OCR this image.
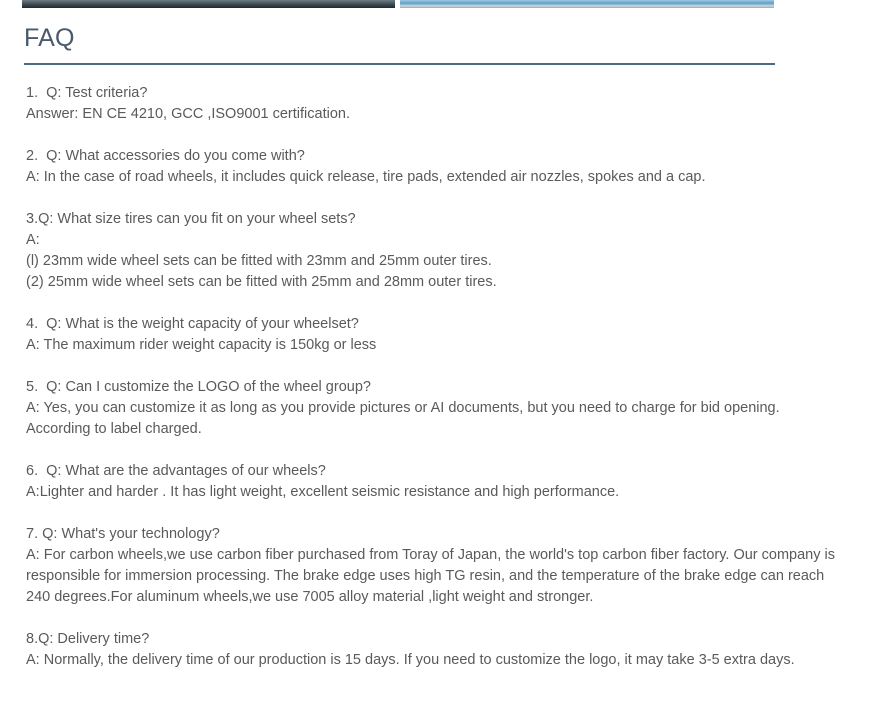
FAQ
1.  Q: Test criteria?
Answer: EN CE 4210, GCC ,ISO9001 certification.
2.  Q: What accessories do you come with?
A: In the case of road wheels, it includes quick release, tire pads, extended air nozzles, spokes and a cap.
3.Q: What size tires can you fit on your wheel sets?
A:
(l) 23mm wide wheel sets can be fitted with 23mm and 25mm outer tires.
(2) 25mm wide wheel sets can be fitted with 25mm and 28mm outer tires.
4.  Q: What is the weight capacity of your wheelset?
A: The maximum rider weight capacity is 150kg or less
5.  Q: Can I customize the LOGO of the wheel group?
A: Yes, you can customize it as long as you provide pictures or AI documents, but you need to charge for bid opening. According to label charged.
6.  Q: What are the advantages of our wheels?
A:Lighter and harder . It has light weight, excellent seismic resistance and high performance.
7. Q: What's your technology?
A: For carbon wheels,we use carbon fiber purchased from Toray of Japan, the world's top carbon fiber factory. Our company is responsible for immersion processing. The brake edge uses high TG resin, and the temperature of the brake edge can reach 240 degrees.For aluminum wheels,we use 7005 alloy material ,light weight and stronger.
8.Q: Delivery time?
A: Normally, the delivery time of our production is 15 days. If you need to customize the logo, it may take 3-5 extra days.
